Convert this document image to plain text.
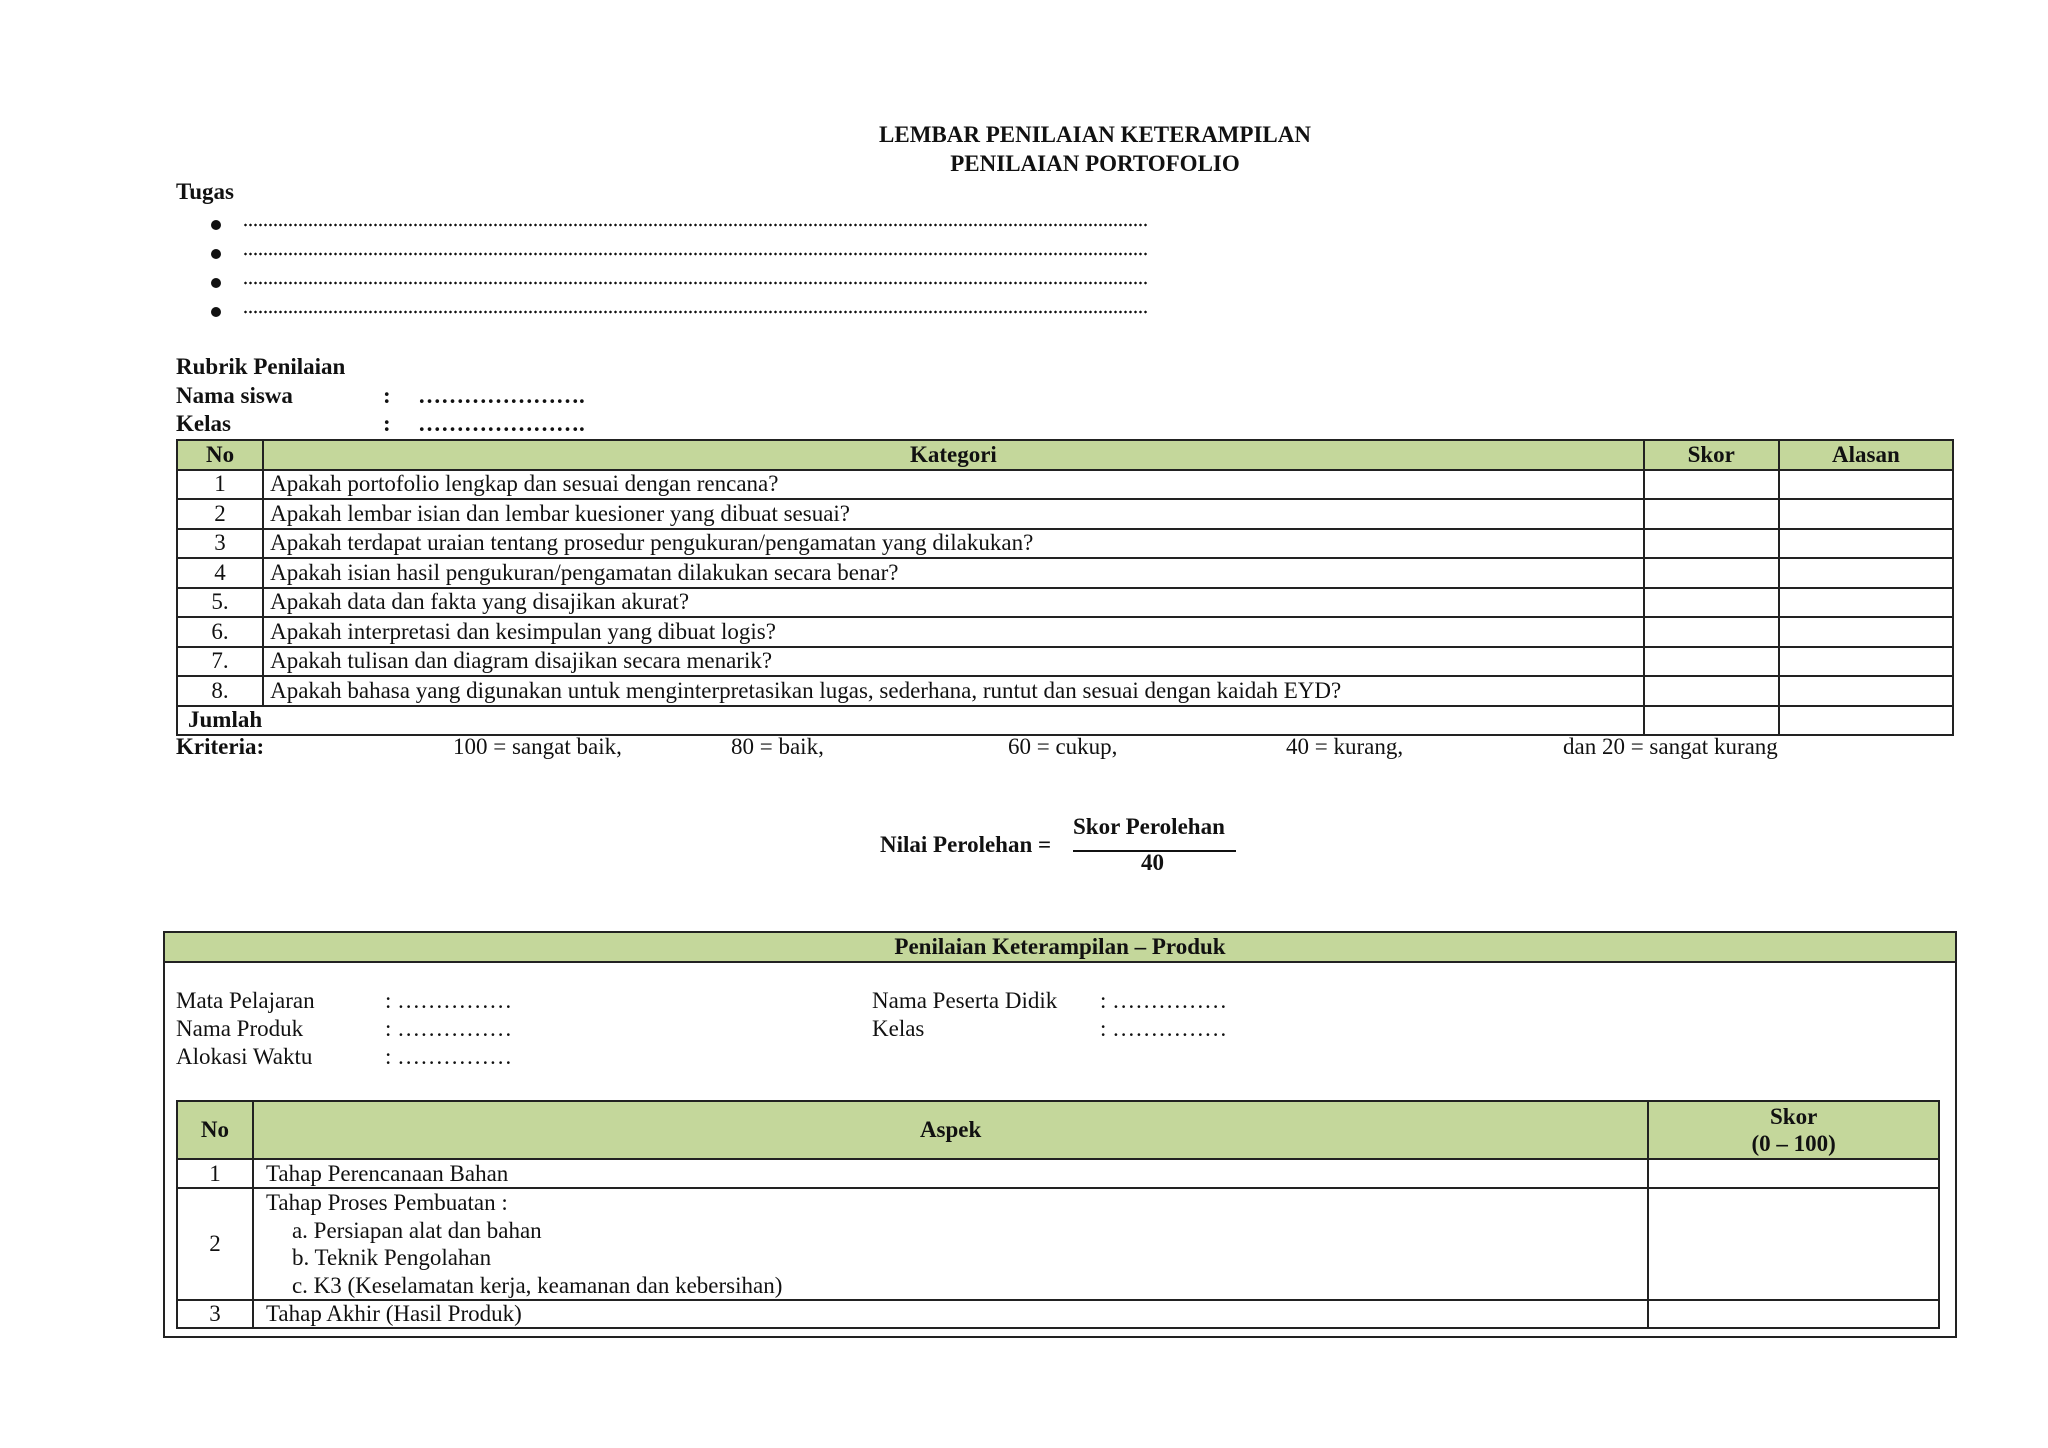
LEMBAR PENILAIAN KETERAMPILAN
PENILAIAN PORTOFOLIO
Tugas
Rubrik Penilaian
Nama siswa	: ………………….
Kelas	: ………………….
No	Kategori	Skor	Alasan
1	Apakah portofolio lengkap dan sesuai dengan rencana?		
2	Apakah lembar isian dan lembar kuesioner yang dibuat sesuai?		
3	Apakah terdapat uraian tentang prosedur pengukuran/pengamatan yang dilakukan?		
4	Apakah isian hasil pengukuran/pengamatan dilakukan secara benar?		
5.	Apakah data dan fakta yang disajikan akurat?		
6.	Apakah interpretasi dan kesimpulan yang dibuat logis?		
7.	Apakah tulisan dan diagram disajikan secara menarik?		
8.	Apakah bahasa yang digunakan untuk menginterpretasikan lugas, sederhana, runtut dan sesuai dengan kaidah EYD?		
Jumlah			
Kriteria:	100 = sangat baik,	80 = baik,	60 = cukup,	40 = kurang,	dan 20 = sangat kurang
Nilai Perolehan =
Skor Perolehan
40
Penilaian Keterampilan – Produk
Mata Pelajaran	: ……………
Nama Produk	: ……………
Alokasi Waktu	: ……………
Nama Peserta Didik : ……………
Kelas	: ……………
No	Aspek	Skor
(0 – 100)

1	Tahap Perencanaan Bahan	
2	Tahap Proses Pembuatan :
a. Persiapan alat dan bahan
b. Teknik Pengolahan
c. K3 (Keselamatan kerja, keamanan dan kebersihan)	

3	Tahap Akhir (Hasil Produk)	
